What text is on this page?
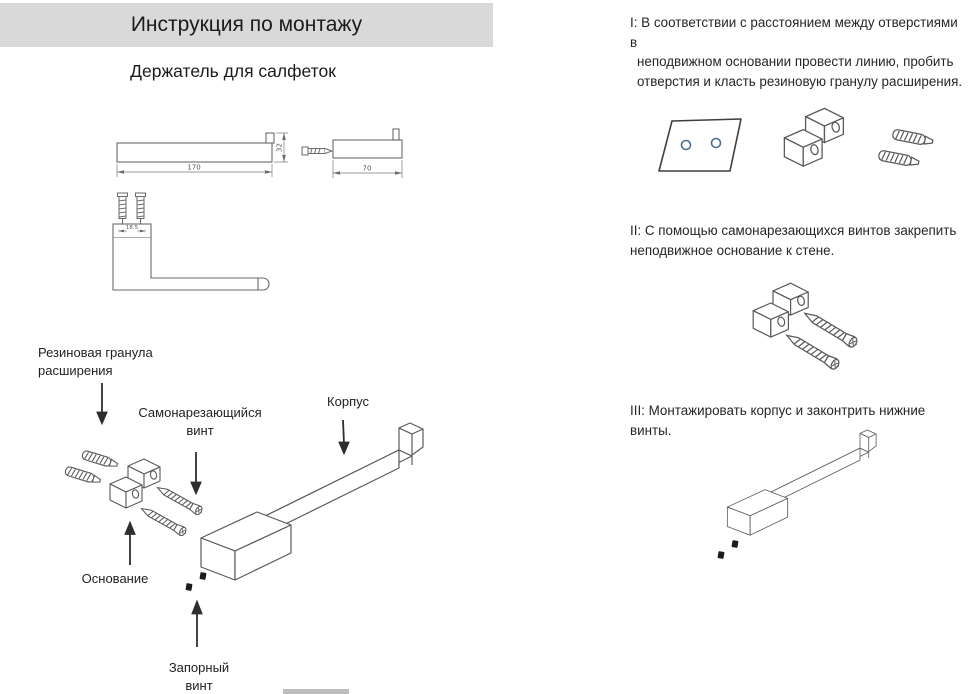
Инструкция по монтажу
Держатель для салфеток
170
32
70
18.5
Резиновая гранула
расширения
Самонарезающийся
винт
Корпус
Основание
Запорный
винт
I: В соответствии с расстоянием между отверстиями в
неподвижном основании провести линию, пробить
отверстия и класть резиновую гранулу расширения.
II: С помощью самонарезающихся винтов закрепить
неподвижное основание к стене.
III: Монтажировать корпус и законтрить нижние винты.
